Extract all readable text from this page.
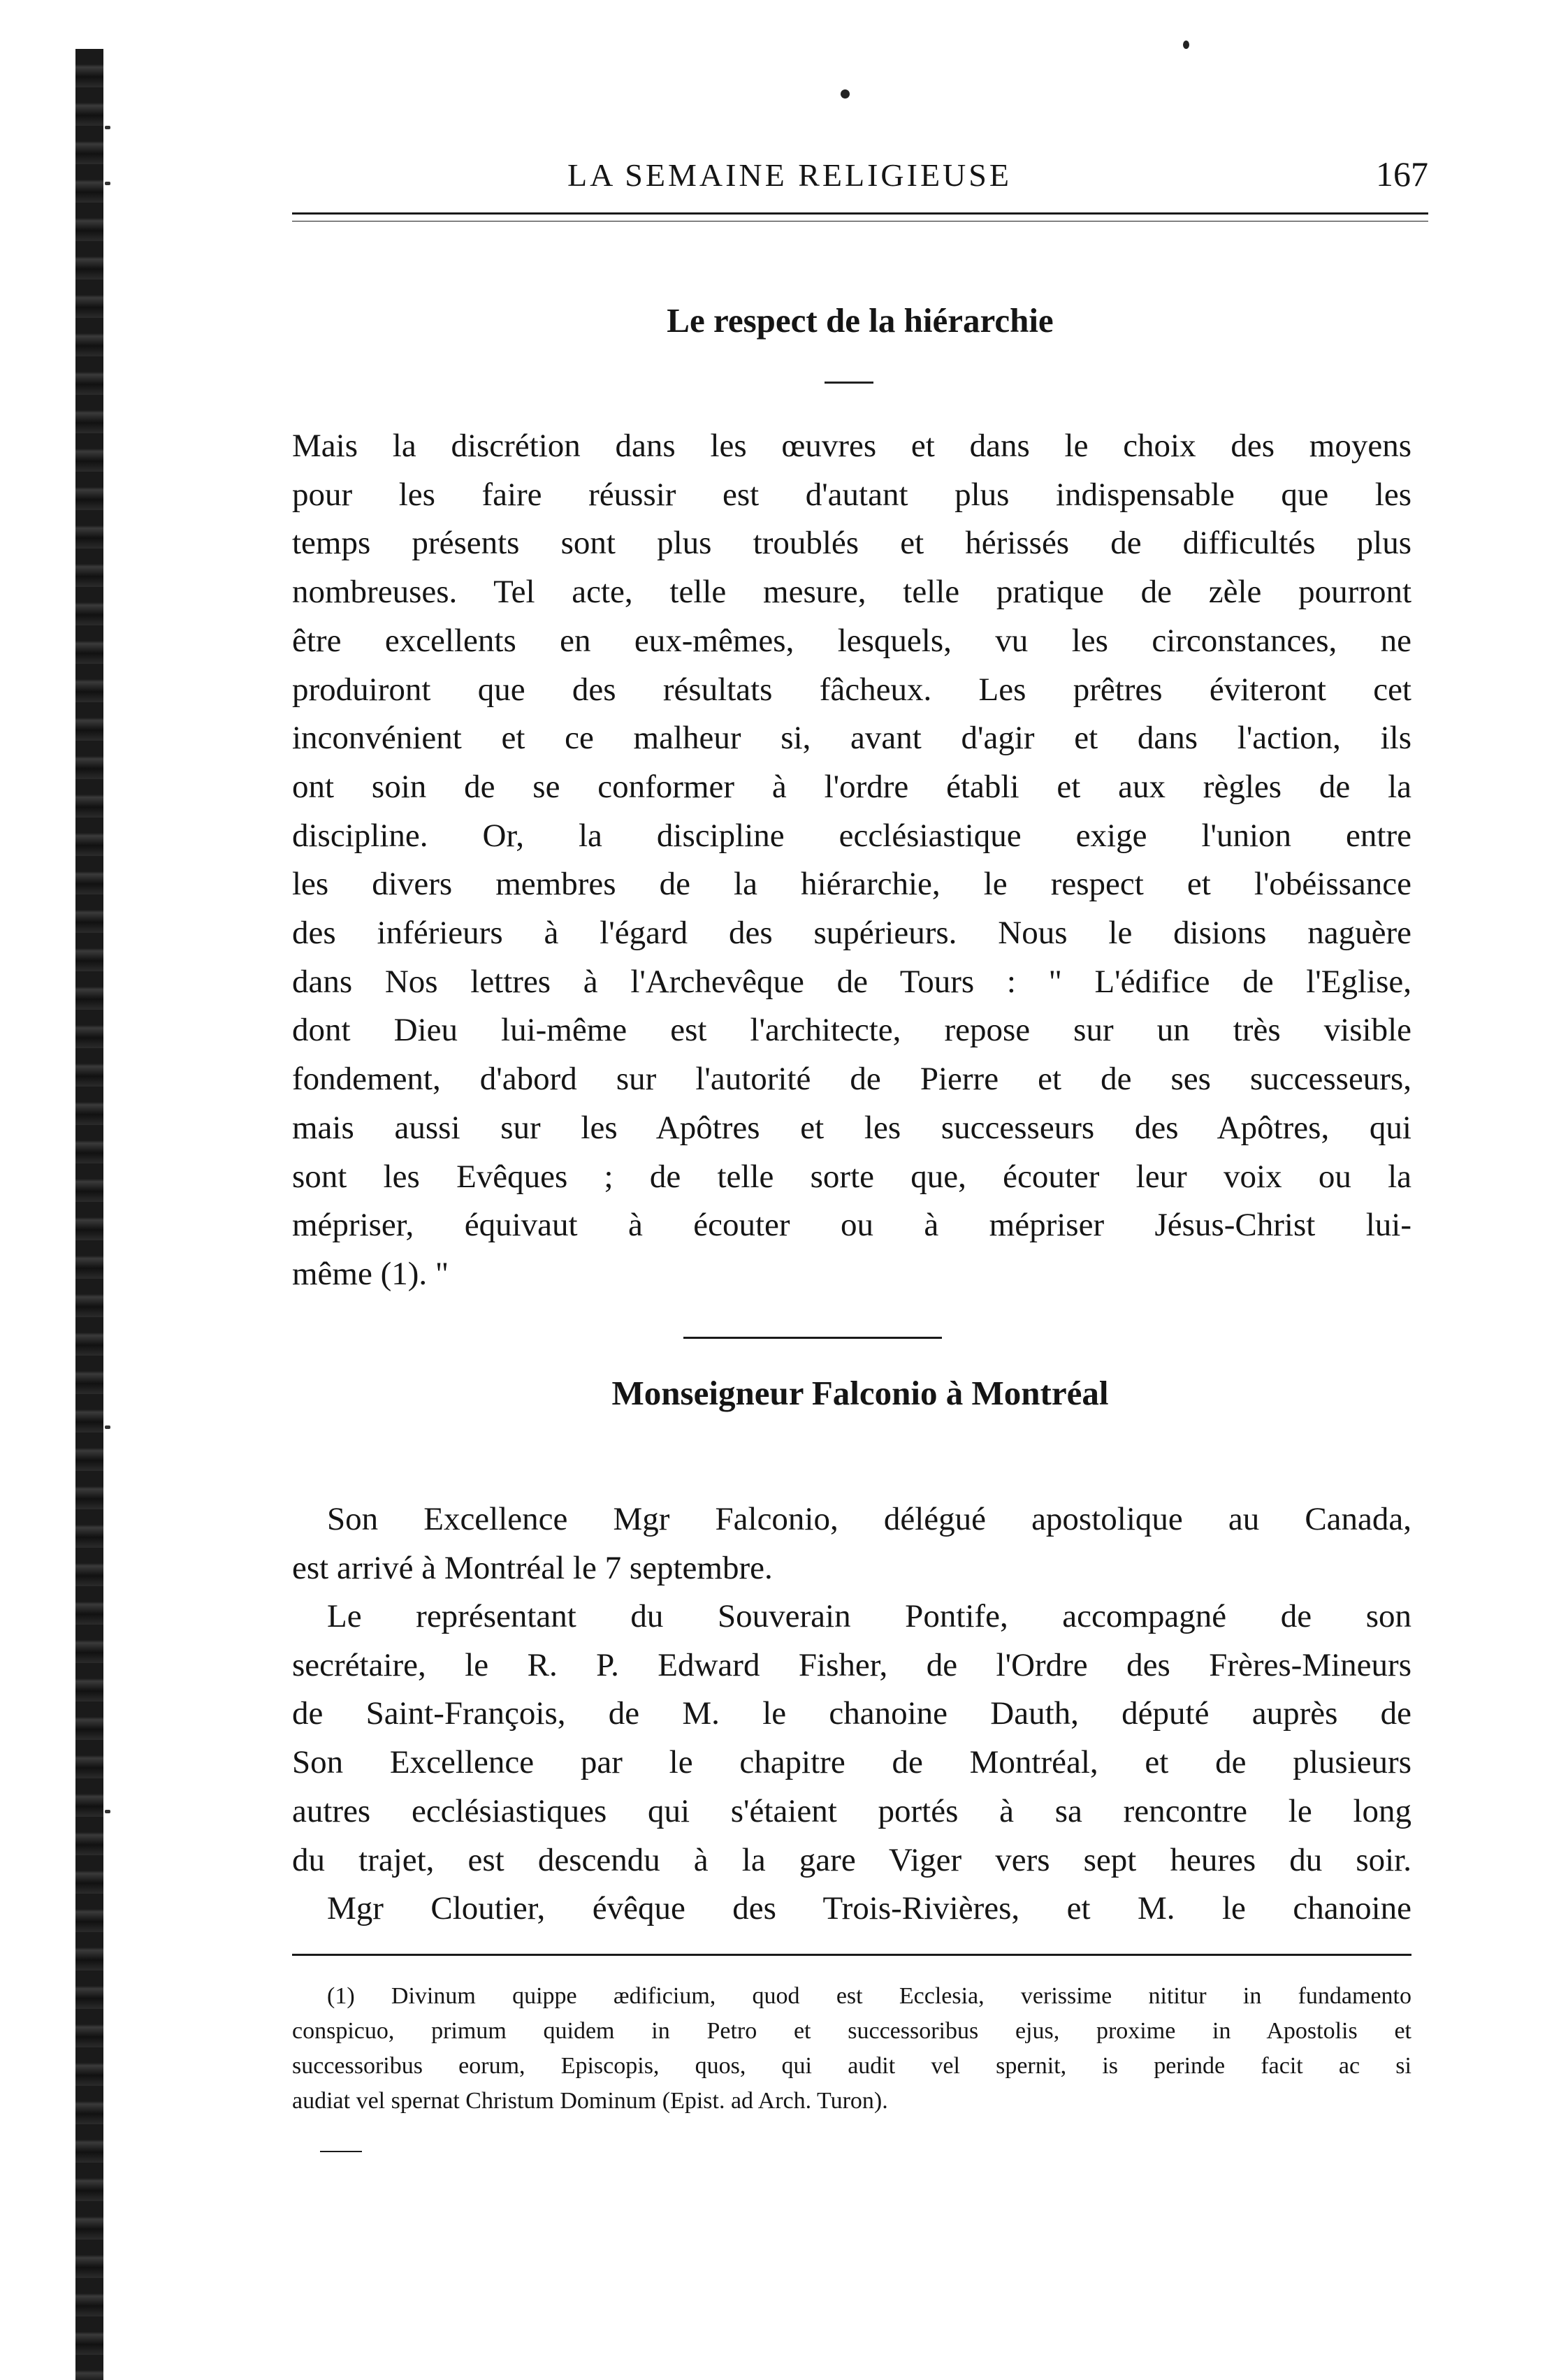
LA SEMAINE RELIGIEUSE	167
Le respect de la hiérarchie
Mais la discrétion dans les œuvres et dans le choix des moyens
pour les faire réussir est d'autant plus indispensable que les
temps présents sont plus troublés et hérissés de difficultés plus
nombreuses. Tel acte, telle mesure, telle pratique de zèle pourront
être excellents en eux-mêmes, lesquels, vu les circonstances, ne
produiront que des résultats fâcheux. Les prêtres éviteront cet
inconvénient et ce malheur si, avant d'agir et dans l'action, ils
ont soin de se conformer à l'ordre établi et aux règles de la
discipline. Or, la discipline ecclésiastique exige l'union entre
les divers membres de la hiérarchie, le respect et l'obéissance
des inférieurs à l'égard des supérieurs. Nous le disions naguère
dans Nos lettres à l'Archevêque de Tours : " L'édifice de l'Eglise,
dont Dieu lui-même est l'architecte, repose sur un très visible
fondement, d'abord sur l'autorité de Pierre et de ses successeurs,
mais aussi sur les Apôtres et les successeurs des Apôtres, qui
sont les Evêques ; de telle sorte que, écouter leur voix ou la
mépriser, équivaut à écouter ou à mépriser Jésus-Christ lui-
même (1). "
Monseigneur Falconio à Montréal
Son Excellence Mgr Falconio, délégué apostolique au Canada,
est arrivé à Montréal le 7 septembre.
Le représentant du Souverain Pontife, accompagné de son
secrétaire, le R. P. Edward Fisher, de l'Ordre des Frères-Mineurs
de Saint-François, de M. le chanoine Dauth, député auprès de
Son Excellence par le chapitre de Montréal, et de plusieurs
autres ecclésiastiques qui s'étaient portés à sa rencontre le long
du trajet, est descendu à la gare Viger vers sept heures du soir.
Mgr Cloutier, évêque des Trois-Rivières, et M. le chanoine
(1) Divinum quippe ædificium, quod est Ecclesia, verissime nititur in fundamento
conspicuo, primum quidem in Petro et successoribus ejus, proxime in Apostolis et
successoribus eorum, Episcopis, quos, qui audit vel spernit, is perinde facit ac si
audiat vel spernat Christum Dominum (Epist. ad Arch. Turon).
